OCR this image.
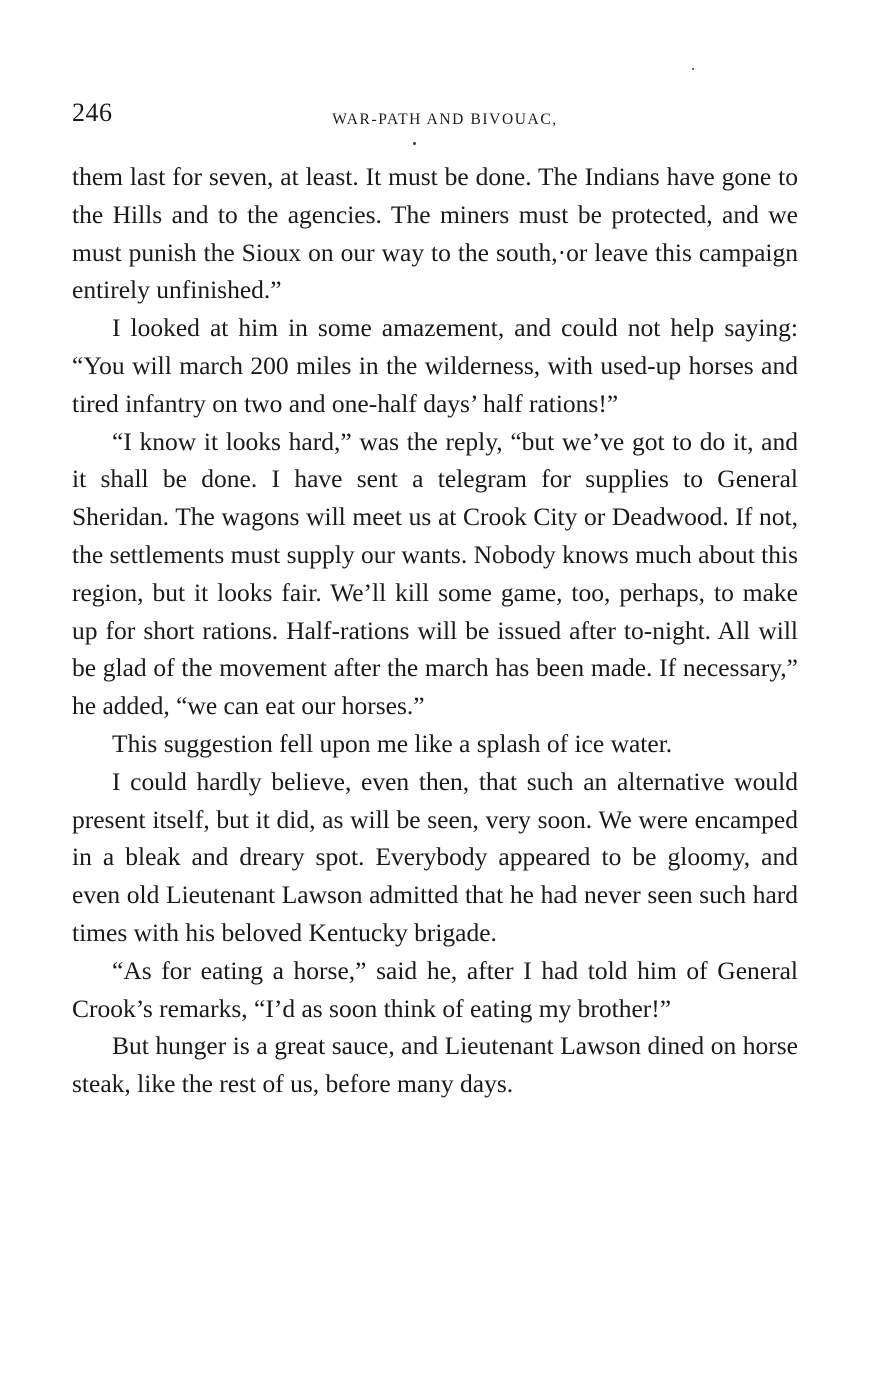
246	WAR-PATH AND BIVOUAC,

them last for seven, at least. It must be done. The Indians have gone to the Hills and to the agencies. The miners must be protected, and we must punish the Sioux on our way to the south,·or leave this campaign entirely unfinished.”

I looked at him in some amazement, and could not help saying: “You will march 200 miles in the wilderness, with used-up horses and tired infantry on two and one-half days’ half rations!”

“I know it looks hard,” was the reply, “but we’ve got to do it, and it shall be done. I have sent a telegram for supplies to General Sheridan. The wagons will meet us at Crook City or Deadwood. If not, the settlements must supply our wants. Nobody knows much about this region, but it looks fair. We’ll kill some game, too, perhaps, to make up for short rations. Half-rations will be issued after to-night. All will be glad of the movement after the march has been made. If necessary,” he added, “we can eat our horses.”

This suggestion fell upon me like a splash of ice water.

I could hardly believe, even then, that such an alternative would present itself, but it did, as will be seen, very soon. We were encamped in a bleak and dreary spot. Everybody appeared to be gloomy, and even old Lieutenant Lawson admitted that he had never seen such hard times with his beloved Kentucky brigade.

“As for eating a horse,” said he, after I had told him of General Crook’s remarks, “I’d as soon think of eating my brother!”

But hunger is a great sauce, and Lieutenant Lawson dined on horse steak, like the rest of us, before many days.
